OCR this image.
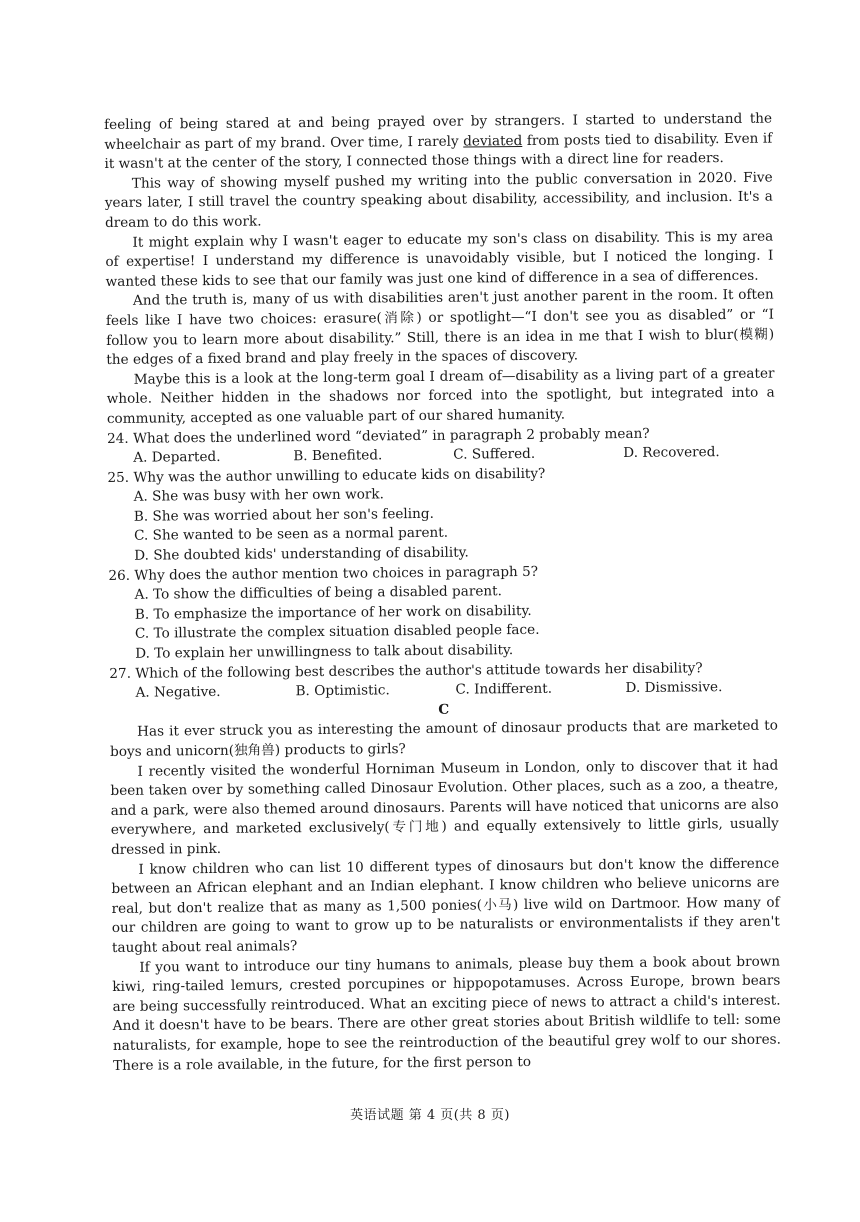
feeling of being stared at and being prayed over by strangers. I started to understand the wheelchair as part of my brand. Over time, I rarely deviated from posts tied to disability. Even if it wasn't at the center of the story, I connected those things with a direct line for readers.

This way of showing myself pushed my writing into the public conversation in 2020. Five years later, I still travel the country speaking about disability, accessibility, and inclusion. It's a dream to do this work.

It might explain why I wasn't eager to educate my son's class on disability. This is my area of expertise! I understand my difference is unavoidably visible, but I noticed the longing. I wanted these kids to see that our family was just one kind of difference in a sea of differences.

And the truth is, many of us with disabilities aren't just another parent in the room. It often feels like I have two choices: erasure(消除) or spotlight—“I don't see you as disabled” or “I follow you to learn more about disability.” Still, there is an idea in me that I wish to blur(模糊) the edges of a fixed brand and play freely in the spaces of discovery.

Maybe this is a look at the long-term goal I dream of—disability as a living part of a greater whole. Neither hidden in the shadows nor forced into the spotlight, but integrated into a community, accepted as one valuable part of our shared humanity.

24. What does the underlined word “deviated” in paragraph 2 probably mean?

A. Departed.	B. Benefited.	C. Suffered.	D. Recovered.

25. Why was the author unwilling to educate kids on disability?

A. She was busy with her own work.

B. She was worried about her son's feeling.

C. She wanted to be seen as a normal parent.

D. She doubted kids' understanding of disability.

26. Why does the author mention two choices in paragraph 5?

A. To show the difficulties of being a disabled parent.

B. To emphasize the importance of her work on disability.

C. To illustrate the complex situation disabled people face.

D. To explain her unwillingness to talk about disability.

27. Which of the following best describes the author's attitude towards her disability?

A. Negative.	B. Optimistic.	C. Indifferent.	D. Dismissive.

C

Has it ever struck you as interesting the amount of dinosaur products that are marketed to boys and unicorn(独角兽) products to girls?

I recently visited the wonderful Horniman Museum in London, only to discover that it had been taken over by something called Dinosaur Evolution. Other places, such as a zoo, a theatre, and a park, were also themed around dinosaurs. Parents will have noticed that unicorns are also everywhere, and marketed exclusively(专门地) and equally extensively to little girls, usually dressed in pink.

I know children who can list 10 different types of dinosaurs but don't know the difference between an African elephant and an Indian elephant. I know children who believe unicorns are real, but don't realize that as many as 1,500 ponies(小马) live wild on Dartmoor. How many of our children are going to want to grow up to be naturalists or environmentalists if they aren't taught about real animals?

If you want to introduce our tiny humans to animals, please buy them a book about brown kiwi, ring-tailed lemurs, crested porcupines or hippopotamuses. Across Europe, brown bears are being successfully reintroduced. What an exciting piece of news to attract a child's interest. And it doesn't have to be bears. There are other great stories about British wildlife to tell: some naturalists, for example, hope to see the reintroduction of the beautiful grey wolf to our shores. There is a role available, in the future, for the first person to

英语试题 第 4 页(共 8 页)
